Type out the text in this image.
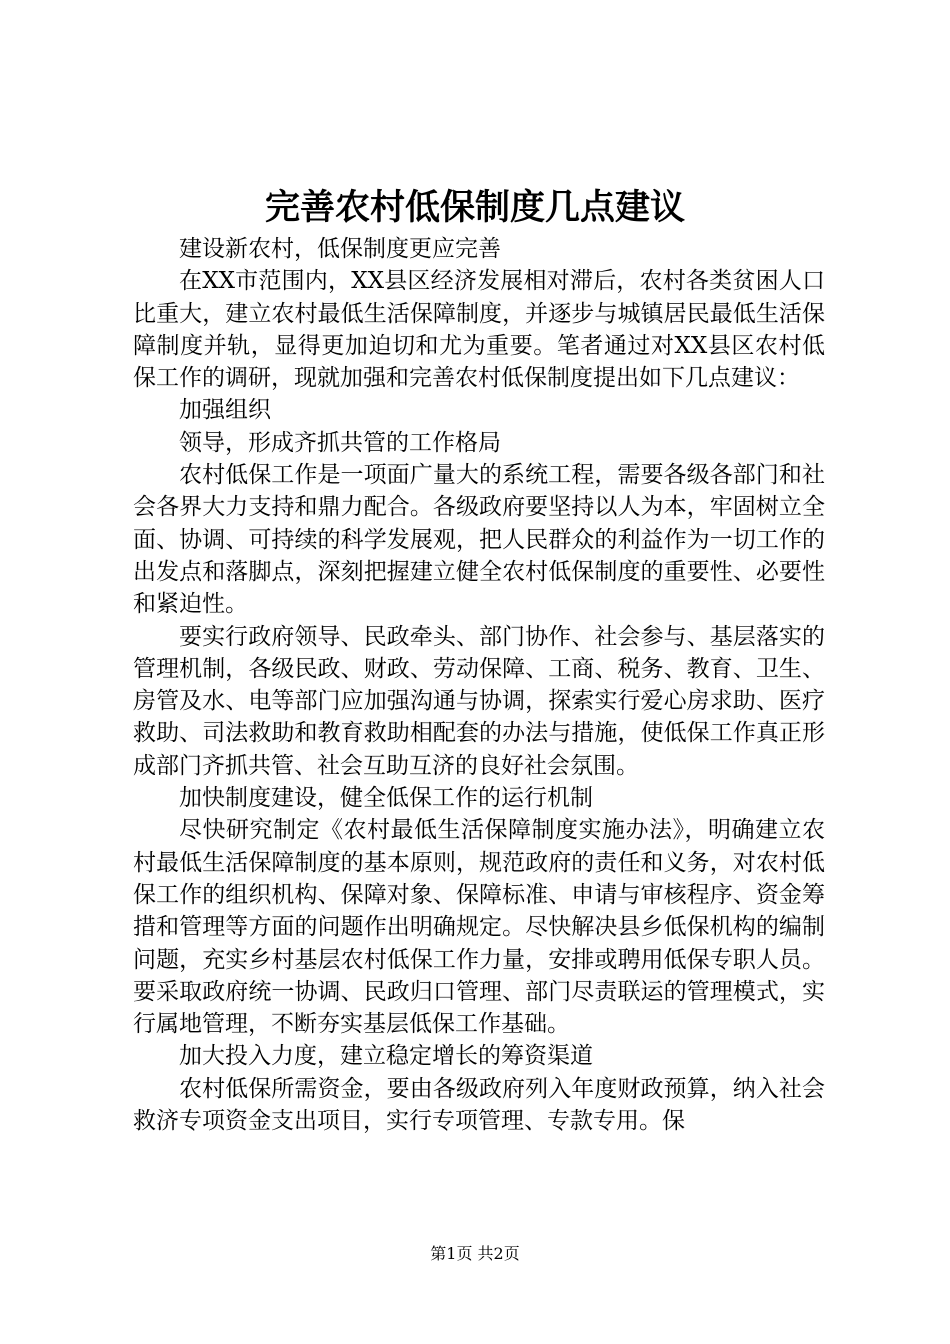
完善农村低保制度几点建议

建设新农村，低保制度更应完善

在XX市范围内，XX县区经济发展相对滞后，农村各类贫困人口比重大，建立农村最低生活保障制度，并逐步与城镇居民最低生活保障制度并轨，显得更加迫切和尤为重要。笔者通过对XX县区农村低保工作的调研，现就加强和完善农村低保制度提出如下几点建议：

加强组织

领导，形成齐抓共管的工作格局

农村低保工作是一项面广量大的系统工程，需要各级各部门和社会各界大力支持和鼎力配合。各级政府要坚持以人为本，牢固树立全面、协调、可持续的科学发展观，把人民群众的利益作为一切工作的出发点和落脚点，深刻把握建立健全农村低保制度的重要性、必要性和紧迫性。

要实行政府领导、民政牵头、部门协作、社会参与、基层落实的管理机制，各级民政、财政、劳动保障、工商、税务、教育、卫生、房管及水、电等部门应加强沟通与协调，探索实行爱心房求助、医疗救助、司法救助和教育救助相配套的办法与措施，使低保工作真正形成部门齐抓共管、社会互助互济的良好社会氛围。

加快制度建设，健全低保工作的运行机制

尽快研究制定《农村最低生活保障制度实施办法》，明确建立农村最低生活保障制度的基本原则，规范政府的责任和义务，对农村低保工作的组织机构、保障对象、保障标准、申请与审核程序、资金筹措和管理等方面的问题作出明确规定。尽快解决县乡低保机构的编制问题，充实乡村基层农村低保工作力量，安排或聘用低保专职人员。要采取政府统一协调、民政归口管理、部门尽责联运的管理模式，实行属地管理，不断夯实基层低保工作基础。

加大投入力度，建立稳定增长的筹资渠道

农村低保所需资金，要由各级政府列入年度财政预算，纳入社会救济专项资金支出项目，实行专项管理、专款专用。保

第1页 共2页
